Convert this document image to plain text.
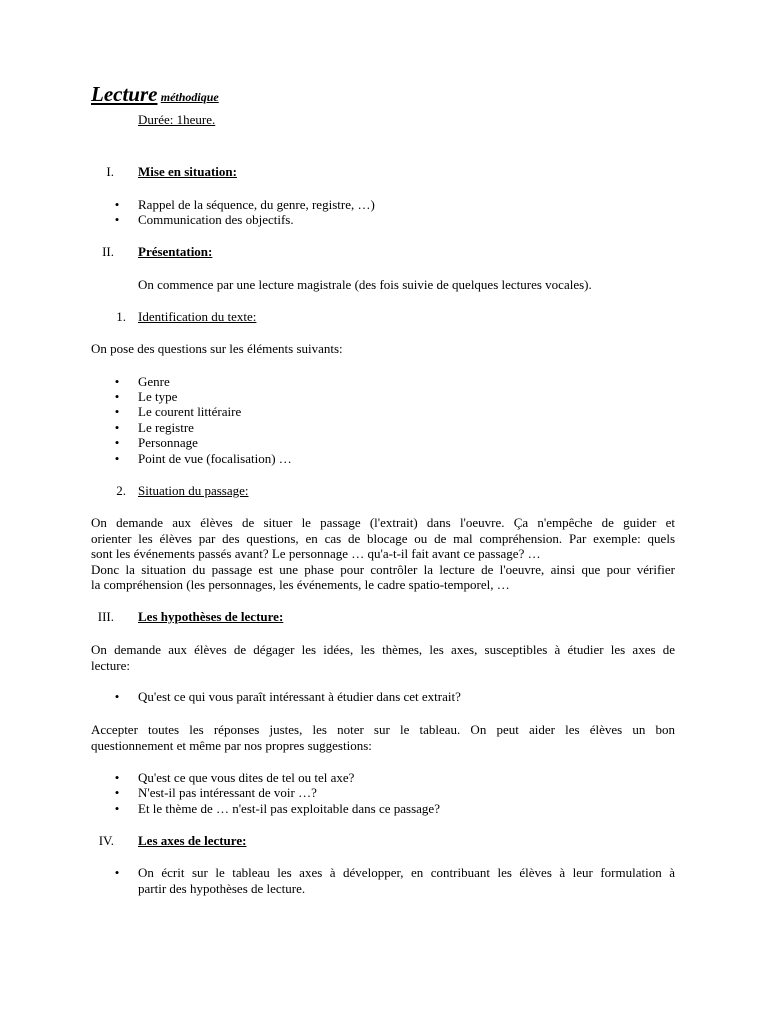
Lecture méthodique
Durée: 1heure.
I. Mise en situation:
• Rappel de la séquence, du genre, registre, …)
• Communication des objectifs.
II. Présentation:
On commence par une lecture magistrale (des fois suivie de quelques lectures vocales).
1. Identification du texte:
On pose des questions sur les éléments suivants:
• Genre
• Le type
• Le courent littéraire
• Le registre
• Personnage
• Point de vue (focalisation) …
2. Situation du passage:
On demande aux élèves de situer le passage (l'extrait) dans l'oeuvre. Ça n'empêche de guider et
orienter les élèves par des questions, en cas de blocage ou de mal compréhension. Par exemple: quels
sont les événements passés avant? Le personnage … qu'a-t-il fait avant ce passage? …
Donc la situation du passage est une phase pour contrôler la lecture de l'oeuvre, ainsi que pour vérifier
la compréhension (les personnages, les événements, le cadre spatio-temporel, …
III. Les hypothèses de lecture:
On demande aux élèves de dégager les idées, les thèmes, les axes, susceptibles à étudier les axes de
lecture:
• Qu'est ce qui vous paraît intéressant à étudier dans cet extrait?
Accepter toutes les réponses justes, les noter sur le tableau. On peut aider les élèves un bon
questionnement et même par nos propres suggestions:
• Qu'est ce que vous dites de tel ou tel axe?
• N'est-il pas intéressant de voir …?
• Et le thème de … n'est-il pas exploitable dans ce passage?
IV. Les axes de lecture:
• On écrit sur le tableau les axes à développer, en contribuant les élèves à leur formulation à
partir des hypothèses de lecture.
